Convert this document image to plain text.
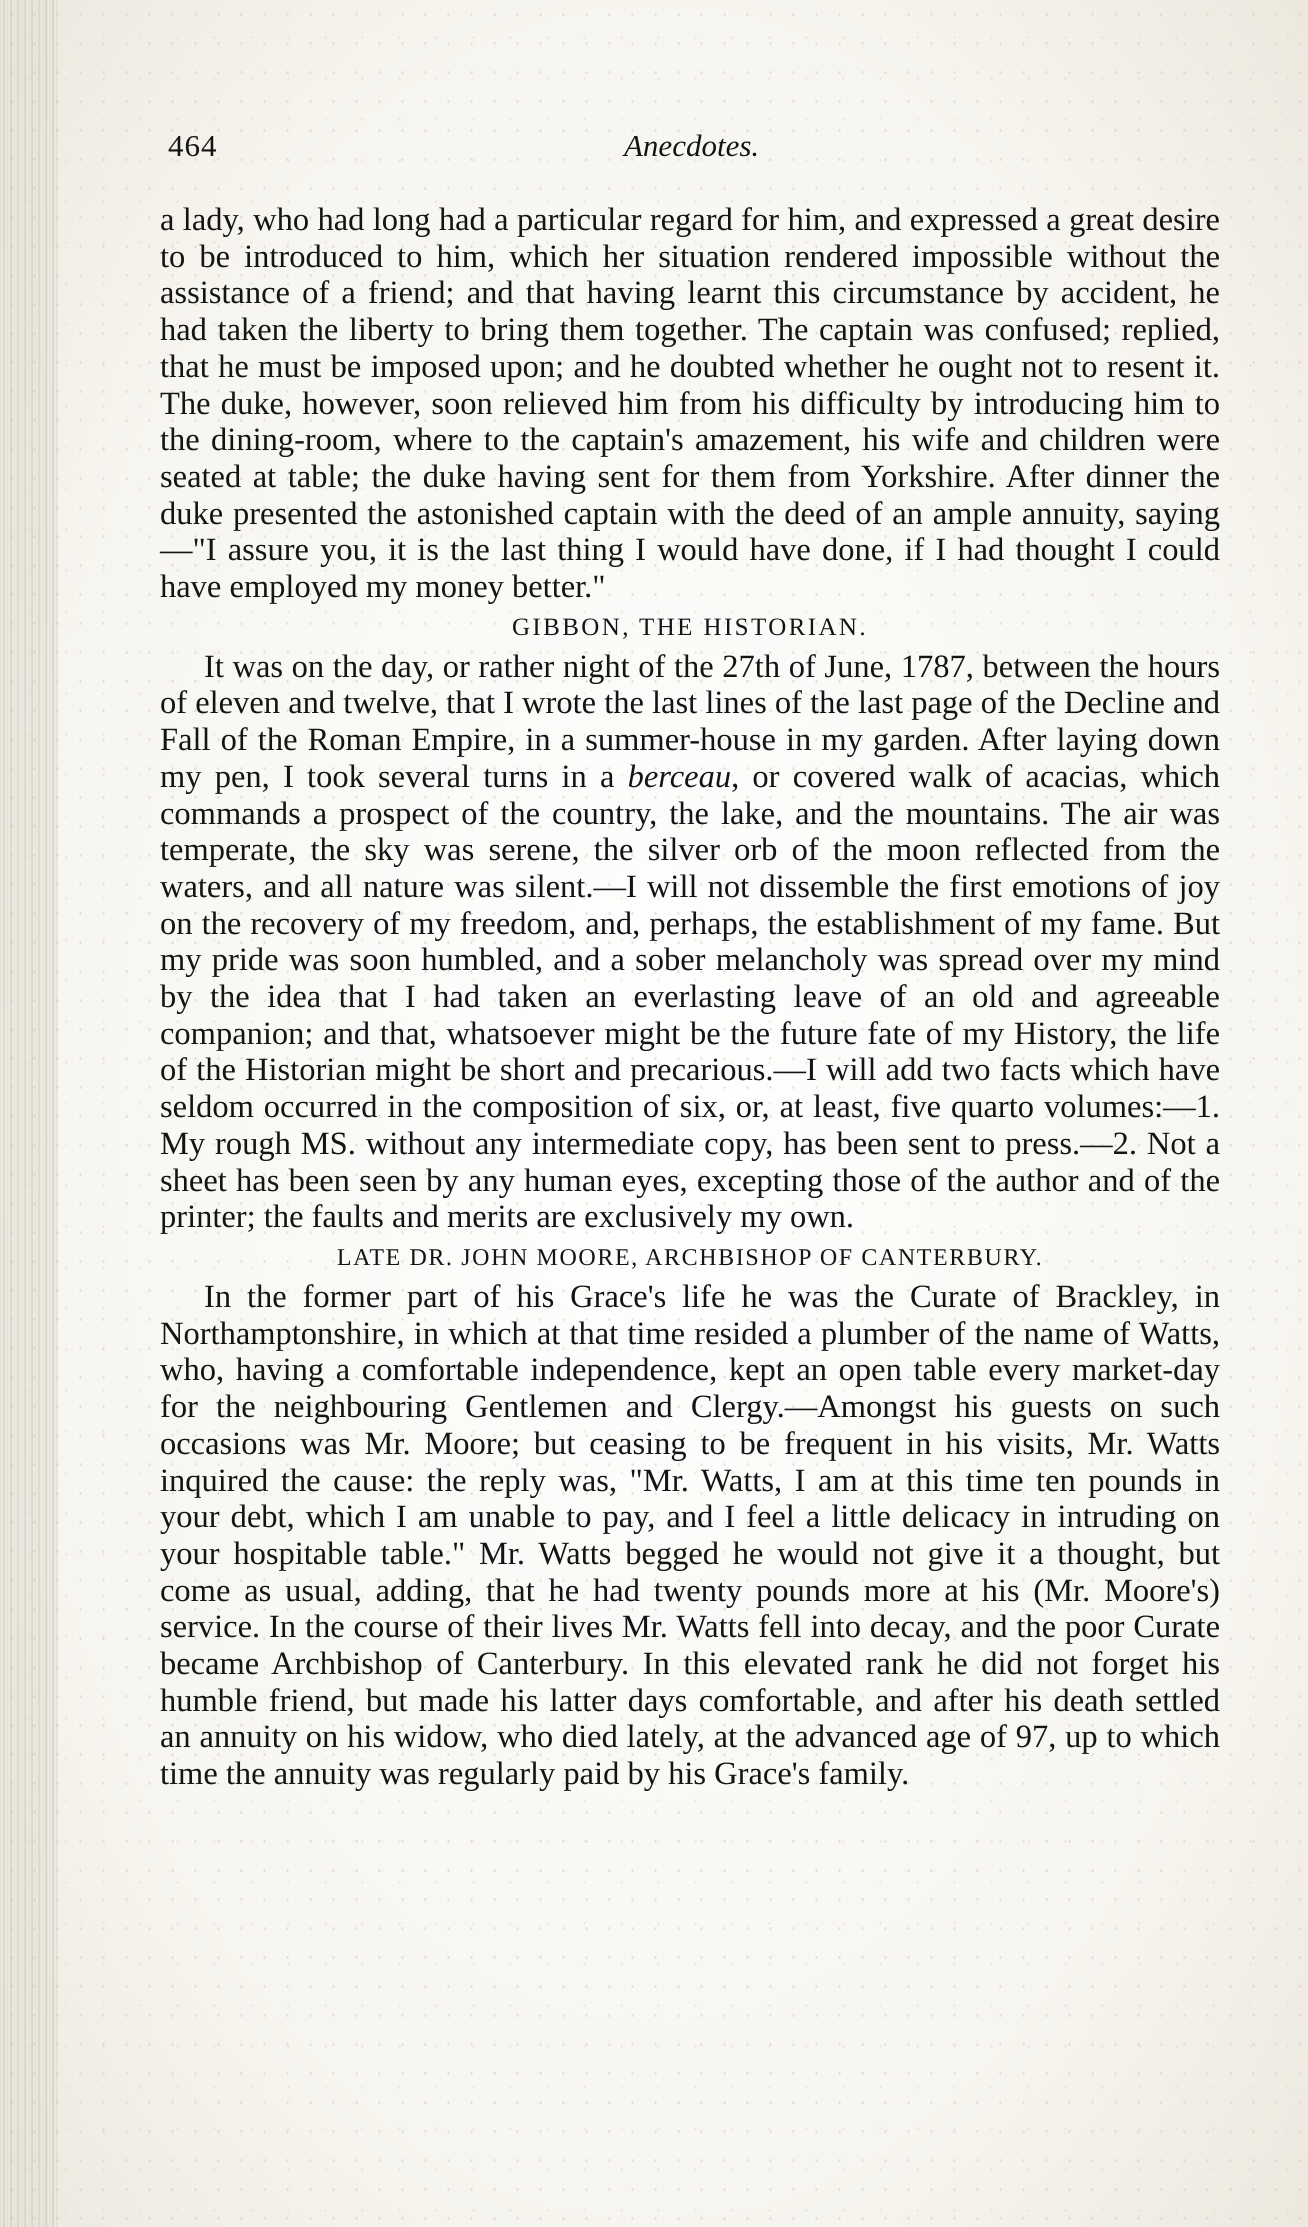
464	Anecdotes.

a lady, who had long had a particular regard for him, and expressed a great desire to be introduced to him, which her situation rendered impossible without the assistance of a friend; and that having learnt this circumstance by accident, he had taken the liberty to bring them together. The captain was confused; replied, that he must be imposed upon; and he doubted whether he ought not to resent it. The duke, however, soon relieved him from his difficulty by introducing him to the dining-room, where to the captain's amazement, his wife and children were seated at table; the duke having sent for them from Yorkshire. After dinner the duke presented the astonished captain with the deed of an ample annuity, saying—"I assure you, it is the last thing I would have done, if I had thought I could have employed my money better."

GIBBON, THE HISTORIAN.

It was on the day, or rather night of the 27th of June, 1787, between the hours of eleven and twelve, that I wrote the last lines of the last page of the Decline and Fall of the Roman Empire, in a summer-house in my garden. After laying down my pen, I took several turns in a berceau, or covered walk of acacias, which commands a prospect of the country, the lake, and the mountains. The air was temperate, the sky was serene, the silver orb of the moon reflected from the waters, and all nature was silent.—I will not dissemble the first emotions of joy on the recovery of my freedom, and, perhaps, the establishment of my fame. But my pride was soon humbled, and a sober melancholy was spread over my mind by the idea that I had taken an everlasting leave of an old and agreeable companion; and that, whatsoever might be the future fate of my History, the life of the Historian might be short and precarious.—I will add two facts which have seldom occurred in the composition of six, or, at least, five quarto volumes:—1. My rough MS. without any intermediate copy, has been sent to press.—2. Not a sheet has been seen by any human eyes, excepting those of the author and of the printer; the faults and merits are exclusively my own.

LATE DR. JOHN MOORE, ARCHBISHOP OF CANTERBURY.

In the former part of his Grace's life he was the Curate of Brackley, in Northamptonshire, in which at that time resided a plumber of the name of Watts, who, having a comfortable independence, kept an open table every market-day for the neighbouring Gentlemen and Clergy.—Amongst his guests on such occasions was Mr. Moore; but ceasing to be frequent in his visits, Mr. Watts inquired the cause: the reply was, "Mr. Watts, I am at this time ten pounds in your debt, which I am unable to pay, and I feel a little delicacy in intruding on your hospitable table." Mr. Watts begged he would not give it a thought, but come as usual, adding, that he had twenty pounds more at his (Mr. Moore's) service. In the course of their lives Mr. Watts fell into decay, and the poor Curate became Archbishop of Canterbury. In this elevated rank he did not forget his humble friend, but made his latter days comfortable, and after his death settled an annuity on his widow, who died lately, at the advanced age of 97, up to which time the annuity was regularly paid by his Grace's family.
